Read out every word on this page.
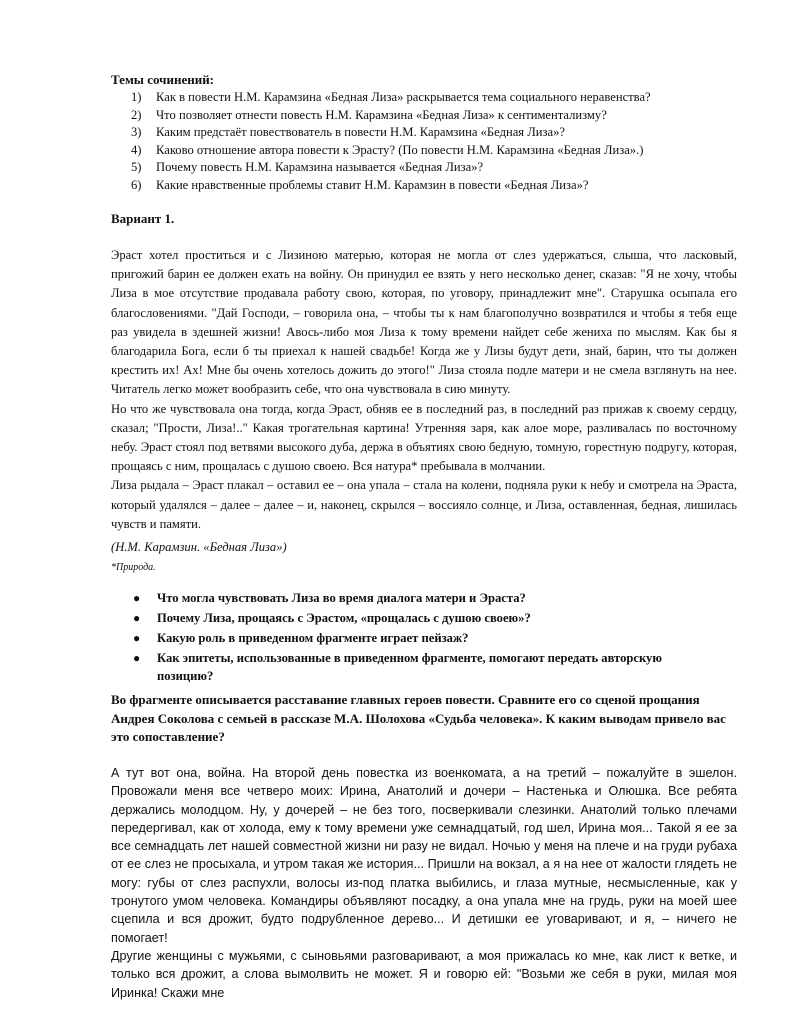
Темы сочинений:
1) Как в повести Н.М. Карамзина «Бедная Лиза» раскрывается тема социального неравенства?
2) Что позволяет отнести повесть Н.М. Карамзина «Бедная Лиза» к сентиментализму?
3) Каким предстаёт повествователь в повести Н.М. Карамзина «Бедная Лиза»?
4) Каково отношение автора повести к Эрасту? (По повести Н.М. Карамзина «Бедная Лиза».)
5) Почему повесть Н.М. Карамзина называется «Бедная Лиза»?
6) Какие нравственные проблемы ставит Н.М. Карамзин в повести «Бедная Лиза»?
Вариант 1.

Эраст хотел проститься и с Лизиною матерью, которая не могла от слез удержаться, слыша, что ласковый, пригожий барин ее должен ехать на войну. Он принудил ее взять у него несколько денег, сказав: "Я не хочу, чтобы Лиза в мое отсутствие продавала работу свою, которая, по уговору, принадлежит мне". Старушка осыпала его благословениями. "Дай Господи, – говорила она, – чтобы ты к нам благополучно возвратился и чтобы я тебя еще раз увидела в здешней жизни! Авось-либо моя Лиза к тому времени найдет себе жениха по мыслям. Как бы я благодарила Бога, если б ты приехал к нашей свадьбе! Когда же у Лизы будут дети, знай, барин, что ты должен крестить их! Ах! Мне бы очень хотелось дожить до этого!" Лиза стояла подле матери и не смела взглянуть на нее. Читатель легко может вообразить себе, что она чувствовала в сию минуту.

Но что же чувствовала она тогда, когда Эраст, обняв ее в последний раз, в последний раз прижав к своему сердцу, сказал; "Прости, Лиза!.." Какая трогательная картина! Утренняя заря, как алое море, разливалась по восточному небу. Эраст стоял под ветвями высокого дуба, держа в объятиях свою бедную, томную, горестную подругу, которая, прощаясь с ним, прощалась с душою своею. Вся натура* пребывала в молчании.

Лиза рыдала – Эраст плакал – оставил ее – она упала – стала на колени, подняла руки к небу и смотрела на Эраста, который удалялся – далее – далее – и, наконец, скрылся – воссияло солнце, и Лиза, оставленная, бедная, лишилась чувств и памяти.

(Н.М. Карамзин. «Бедная Лиза»)
*Природа.
● Что могла чувствовать Лиза во время диалога матери и Эраста?
● Почему Лиза, прощаясь с Эрастом, «прощалась с душою своею»?
● Какую роль в приведенном фрагменте играет пейзаж?
● Как эпитеты, использованные в приведенном фрагменте, помогают передать авторскую позицию?
Во фрагменте описывается расставание главных героев повести. Сравните его со сценой прощания Андрея Соколова с семьей в рассказе М.А. Шолохова «Судьба человека». К каким выводам привело вас это сопоставление?

А тут вот она, война. На второй день повестка из военкомата, а на третий – пожалуйте в эшелон. Провожали меня все четверо моих: Ирина, Анатолий и дочери – Настенька и Олюшка. Все ребята держались молодцом. Ну, у дочерей – не без того, посверкивали слезинки. Анатолий только плечами передергивал, как от холода, ему к тому времени уже семнадцатый, год шел, Ирина моя... Такой я ее за все семнадцать лет нашей совместной жизни ни разу не видал. Ночью у меня на плече и на груди рубаха от ее слез не просыхала, и утром такая же история... Пришли на вокзал, а я на нее от жалости глядеть не могу: губы от слез распухли, волосы из-под платка выбились, и глаза мутные, несмысленные, как у тронутого умом человека. Командиры объявляют посадку, а она упала мне на грудь, руки на моей шее сцепила и вся дрожит, будто подрубленное дерево... И детишки ее уговаривают, и я, – ничего не помогает!

Другие женщины с мужьями, с сыновьями разговаривают, а моя прижалась ко мне, как лист к ветке, и только вся дрожит, а слова вымолвить не может. Я и говорю ей: "Возьми же себя в руки, милая моя Иринка! Скажи мне
